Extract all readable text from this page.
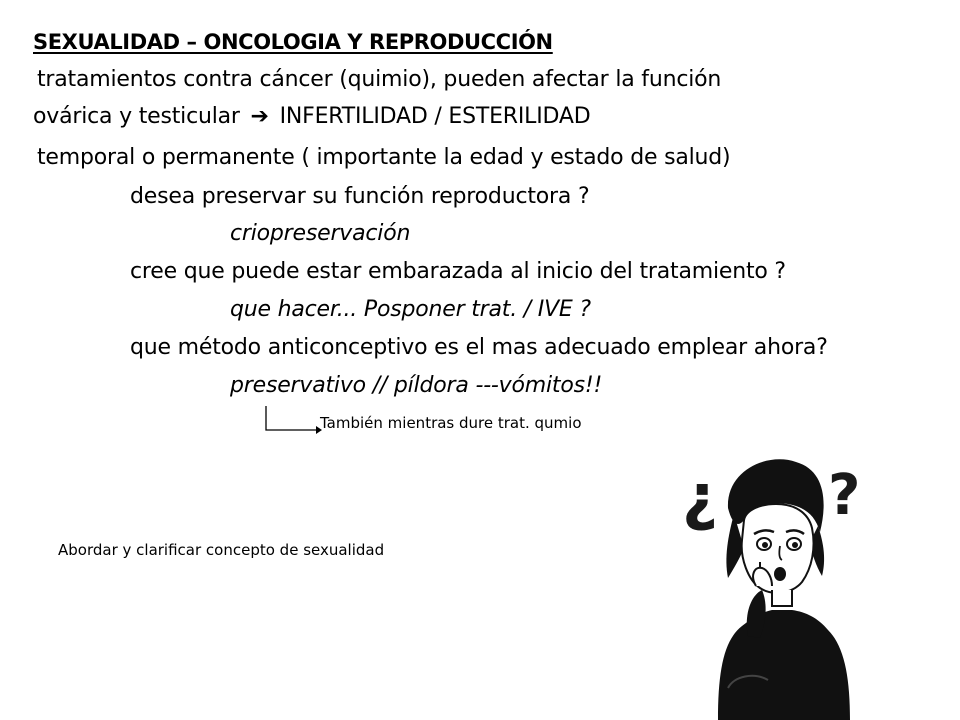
SEXUALIDAD – ONCOLOGIA Y REPRODUCCIÓN
tratamientos contra cáncer (quimio), pueden afectar la función
ovárica y testicular ➔ INFERTILIDAD / ESTERILIDAD
temporal o permanente ( importante la edad y estado de salud)
desea preservar su función reproductora ?
criopreservación
cree que puede estar embarazada al inicio del tratamiento ?
que hacer... Posponer trat. / IVE ?
que método anticonceptivo es el mas adecuado emplear ahora?
preservativo // píldora ---vómitos!!
También mientras dure trat. qumio
Abordar y clarificar concepto de sexualidad
¿ ?
